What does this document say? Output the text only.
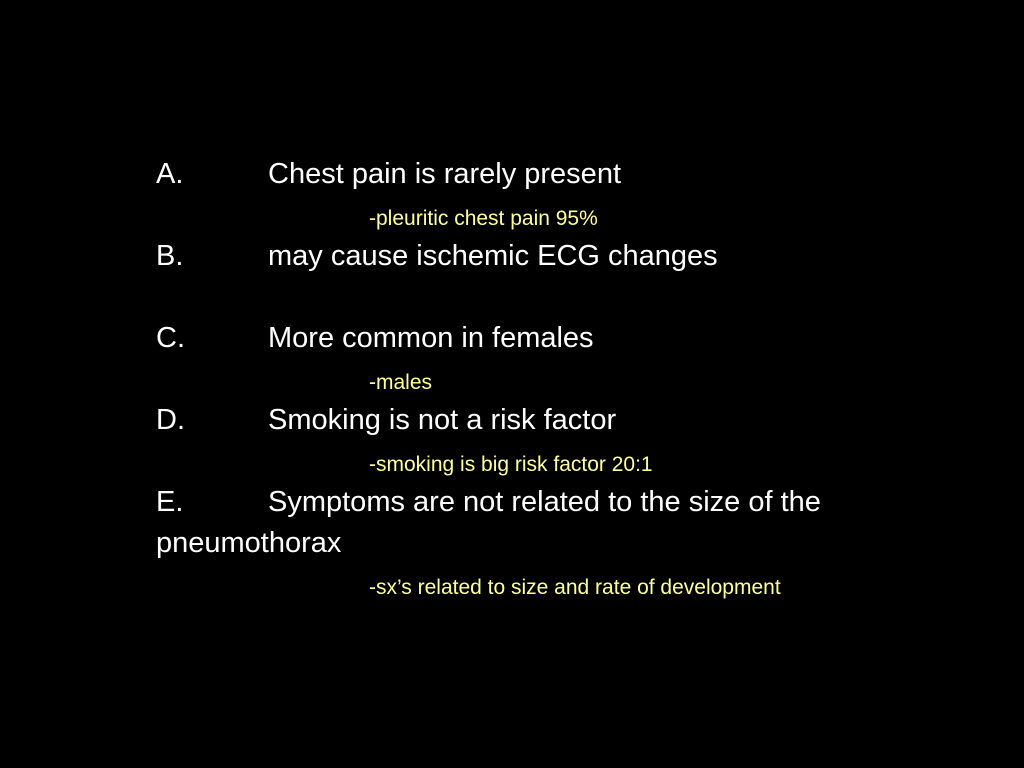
A.	Chest pain is rarely present
-pleuritic chest pain 95%
B.	may cause ischemic ECG changes
C.	More common in females
-males
D.	Smoking is not a risk factor
-smoking is big risk factor 20:1
E.	Symptoms are not related to the size of the
pneumothorax
-sx’s related to size and rate of development
